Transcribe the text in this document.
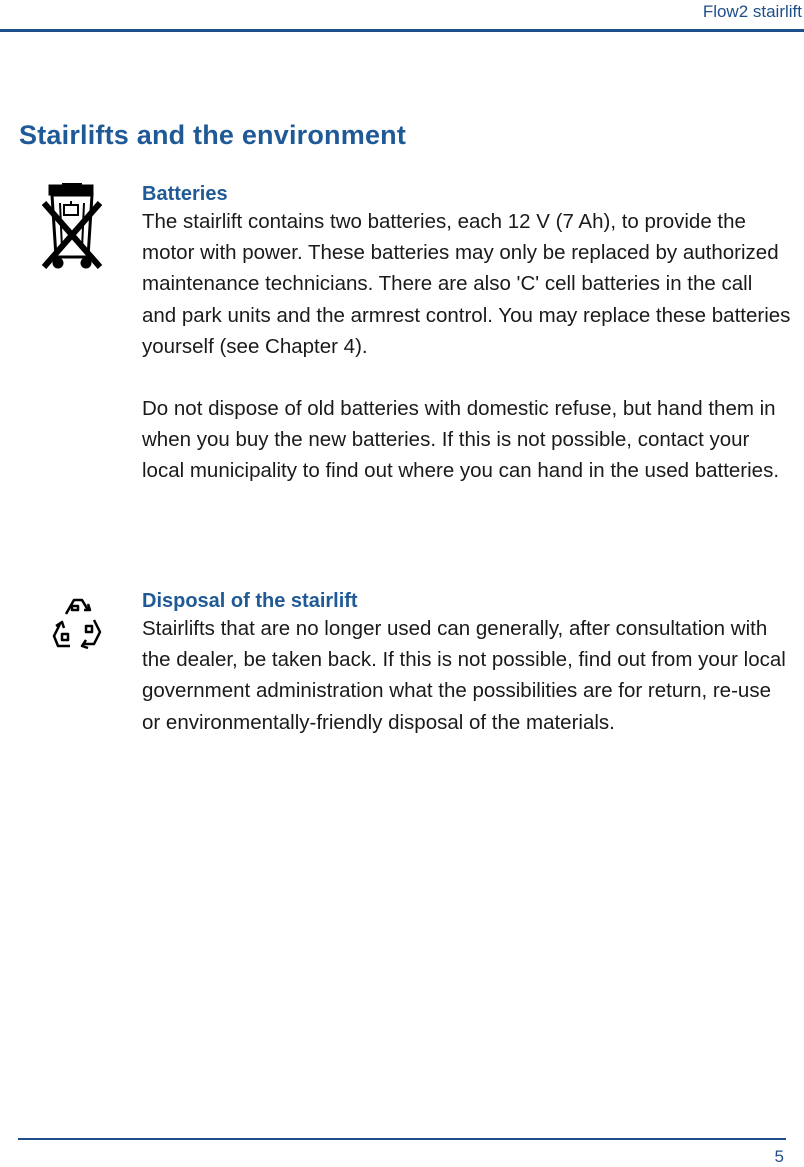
Flow2 stairlift
Stairlifts and the environment
Batteries

The stairlift contains two batteries, each 12 V (7 Ah), to provide the motor with power. These batteries may only be replaced by authorized maintenance technicians. There are also 'C' cell batteries in the call and park units and the armrest control. You may replace these batteries yourself (see Chapter 4).

Do not dispose of old batteries with domestic refuse, but hand them in when you buy the new batteries. If this is not possible, contact your local municipality to find out where you can hand in the used batteries.

Disposal of the stairlift

Stairlifts that are no longer used can generally, after consultation with the dealer, be taken back. If this is not possible, find out from your local government administration what the possibilities are for return, re-use or environmentally-friendly disposal of the materials.

5
